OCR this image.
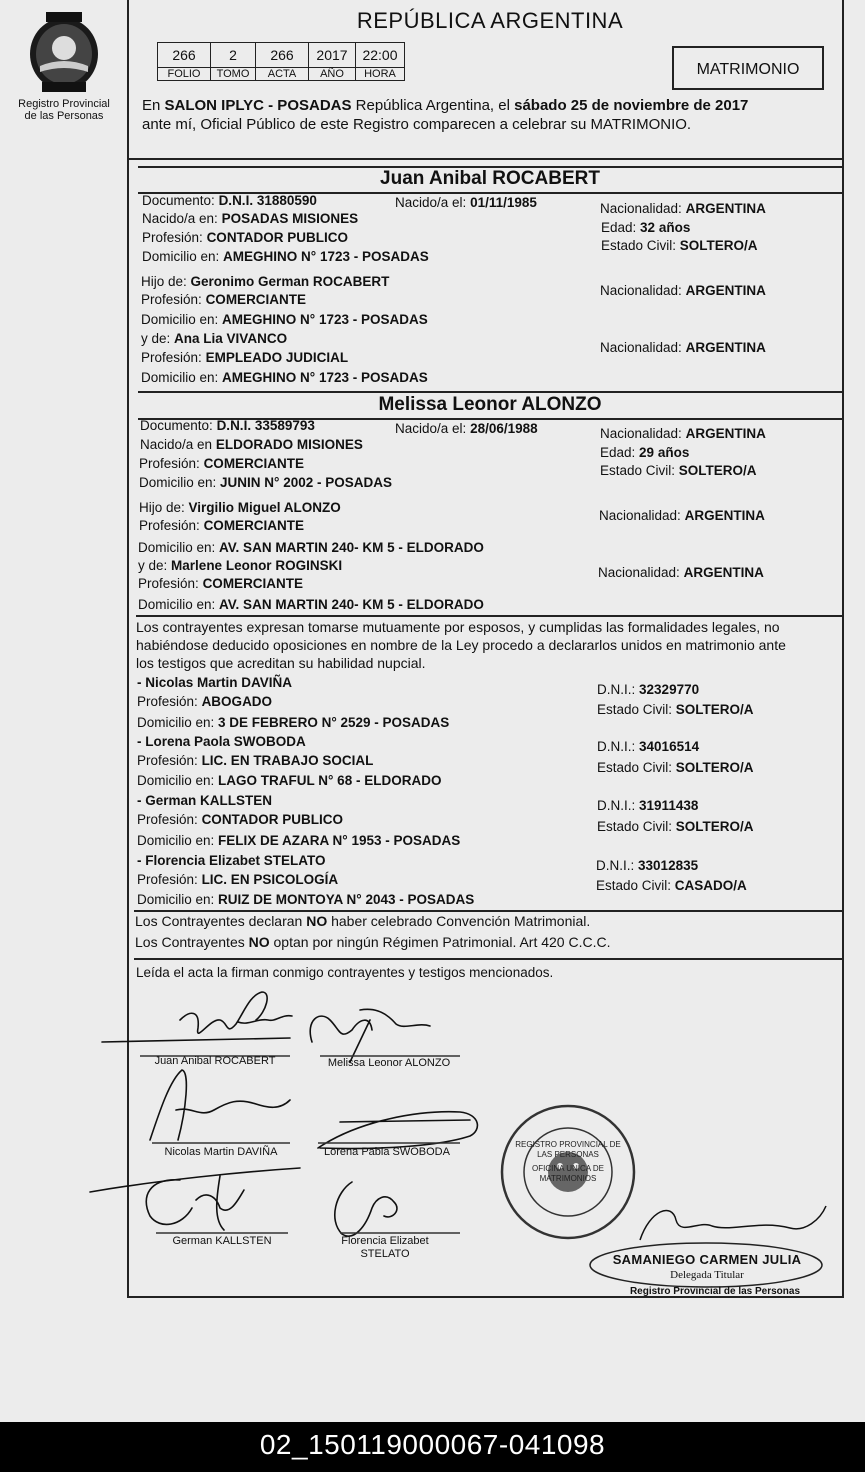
Registro Provincial
de las Personas
REPÚBLICA ARGENTINA
266	2	266	2017	22:00
FOLIO	TOMO	ACTA	AÑO	HORA	MATRIMONIO
En SALON IPLYC - POSADAS República Argentina, el sábado 25 de noviembre de 2017
ante mí, Oficial Público de este Registro comparecen a celebrar su MATRIMONIO.
Juan Anibal ROCABERT
Documento: D.N.I. 31880590	Nacido/a el: 01/11/1985	Nacionalidad: ARGENTINA
Nacido/a en: POSADAS MISIONES
Edad: 32 años
Profesión: CONTADOR PUBLICO
Estado Civil: SOLTERO/A
Domicilio en: AMEGHINO N° 1723 - POSADAS
Hijo de: Geronimo German ROCABERT
Nacionalidad: ARGENTINA
Profesión: COMERCIANTE
Domicilio en: AMEGHINO N° 1723 - POSADAS
y de: Ana Lia VIVANCO
Nacionalidad: ARGENTINA
Profesión: EMPLEADO JUDICIAL
Domicilio en: AMEGHINO N° 1723 - POSADAS
Melissa Leonor ALONZO
Documento: D.N.I. 33589793	Nacido/a el: 28/06/1988	Nacionalidad: ARGENTINA
Nacido/a en ELDORADO MISIONES
Edad: 29 años
Profesión: COMERCIANTE	Estado Civil: SOLTERO/A
Domicilio en: JUNIN N° 2002 - POSADAS
Hijo de: Virgilio Miguel ALONZO
Nacionalidad: ARGENTINA
Profesión: COMERCIANTE
Domicilio en: AV. SAN MARTIN 240- KM 5 - ELDORADO
y de: Marlene Leonor ROGINSKI	Nacionalidad: ARGENTINA
Profesión: COMERCIANTE
Domicilio en: AV. SAN MARTIN 240- KM 5 - ELDORADO
Los contrayentes expresan tomarse mutuamente por esposos, y cumplidas las formalidades legales, no
habiéndose deducido oposiciones en nombre de la Ley procedo a declararlos unidos en matrimonio ante
los testigos que acreditan su habilidad nupcial.
- Nicolas Martin DAVIÑA	D.N.I.: 32329770
Profesión: ABOGADO
Estado Civil: SOLTERO/A
Domicilio en: 3 DE FEBRERO N° 2529 - POSADAS
- Lorena Paola SWOBODA	D.N.I.: 34016514
Profesión: LIC. EN TRABAJO SOCIAL	Estado Civil: SOLTERO/A
Domicilio en: LAGO TRAFUL N° 68 - ELDORADO
- German KALLSTEN	D.N.I.: 31911438
Profesión: CONTADOR PUBLICO	Estado Civil: SOLTERO/A
Domicilio en: FELIX DE AZARA N° 1953 - POSADAS
- Florencia Elizabet STELATO	D.N.I.: 33012835
Profesión: LIC. EN PSICOLOGÍA	Estado Civil: CASADO/A
Domicilio en: RUIZ DE MONTOYA N° 2043 - POSADAS
Los Contrayentes declaran NO haber celebrado Convención Matrimonial.
Los Contrayentes NO optan por ningún Régimen Patrimonial. Art 420 C.C.C.
Leída el acta la firman conmigo contrayentes y testigos mencionados.
Juan Anibal ROCABERT	Melissa Leonor ALONZO
Nicolas Martin DAVIÑA	Lorena Pabla SWOBODA
German KALLSTEN	Florencia Elizabet
STELATO
REGISTRO PROVINCIAL DE LAS PERSONAS
OFICINA UNICA DE MATRIMONIOS
SAMANIEGO CARMEN JULIA
Delegada Titular
Registro Provincial de las Personas
02_150119000067-041098
